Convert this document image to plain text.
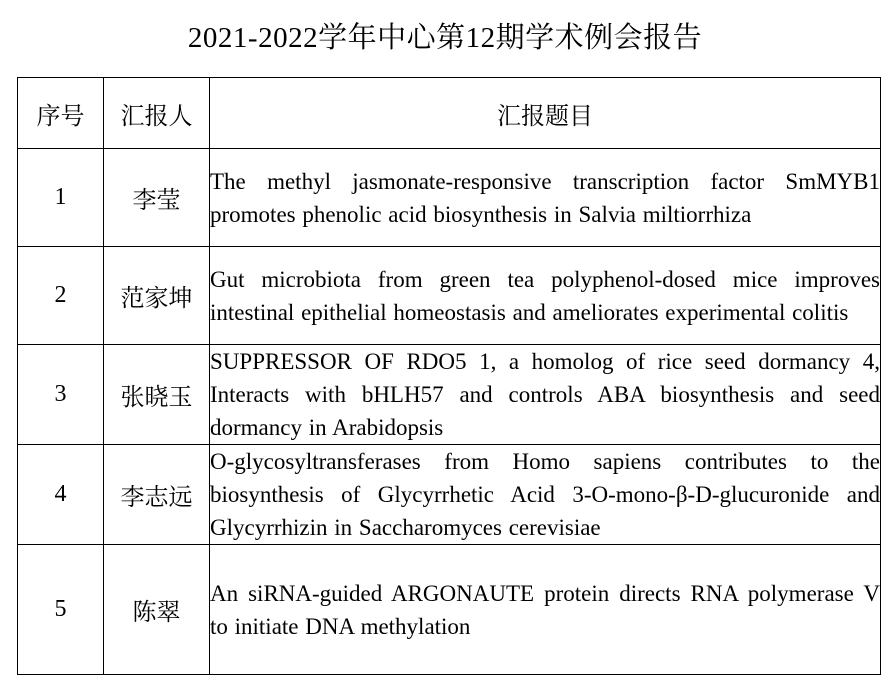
2021-2022学年中心第12期学术例会报告
序号	汇报人	汇报题目
1	李莹	The methyl jasmonate-responsive transcription factor SmMYB1 promotes phenolic acid biosynthesis in Salvia miltiorrhiza

2	范家坤	Gut microbiota from green tea polyphenol-dosed mice improves intestinal epithelial homeostasis and ameliorates experimental colitis

3	张晓玉	SUPPRESSOR OF RDO5 1, a homolog of rice seed dormancy 4, Interacts with bHLH57 and controls ABA biosynthesis and seed dormancy in Arabidopsis

4	李志远	O-glycosyltransferases from Homo sapiens contributes to the biosynthesis of Glycyrrhetic Acid 3-O-mono-β-D-glucuronide and Glycyrrhizin in Saccharomyces cerevisiae

5	陈翠	An siRNA-guided ARGONAUTE protein directs RNA polymerase V to initiate DNA methylation
